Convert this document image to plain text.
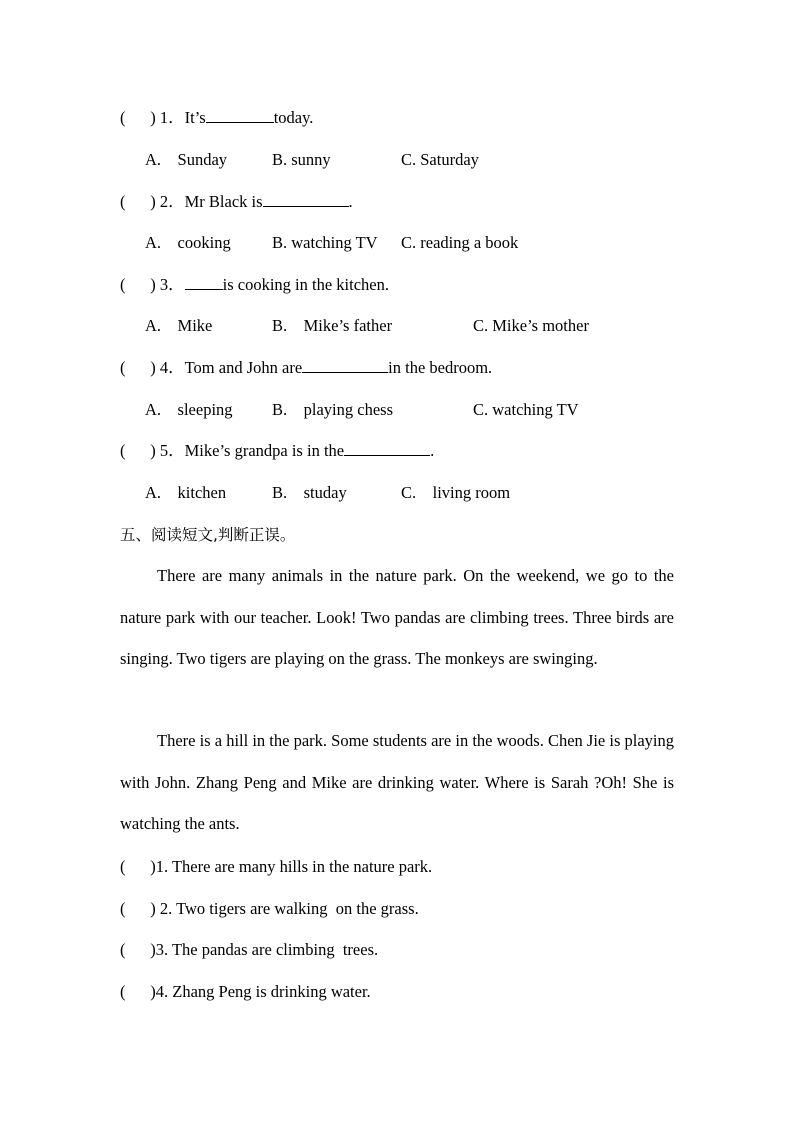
(      ) 1．It’s	today.
A.    Sunday	B. sunny	C. Saturday
(      ) 2．Mr Black is	.
A.    cooking	B. watching TV C. reading a book
(      ) 3． is cooking in the kitchen.
A.    Mike	B.    Mike’s father	C. Mike’s mother
(      ) 4．Tom and John are	in the bedroom.
A.    sleeping B.    playing chess	C. watching TV
(      ) 5．Mike’s grandpa is in the	.
A.    kitchen	B.    studay	C.    living room
五、阅读短文,判断正误。
There are many animals in the nature park. On the weekend, we go to the nature park with our teacher. Look! Two pandas are climbing trees. Three birds are singing. Two tigers are playing on the grass. The monkeys are swinging.
There is a hill in the park. Some students are in the woods. Chen Jie is playing with John. Zhang Peng and Mike are drinking water. Where is Sarah ?Oh! She is watching the ants.
(      )1. There are many hills in the nature park.
(      ) 2. Two tigers are walking  on the grass.
(      )3. The pandas are climbing  trees.
(      )4. Zhang Peng is drinking water.
